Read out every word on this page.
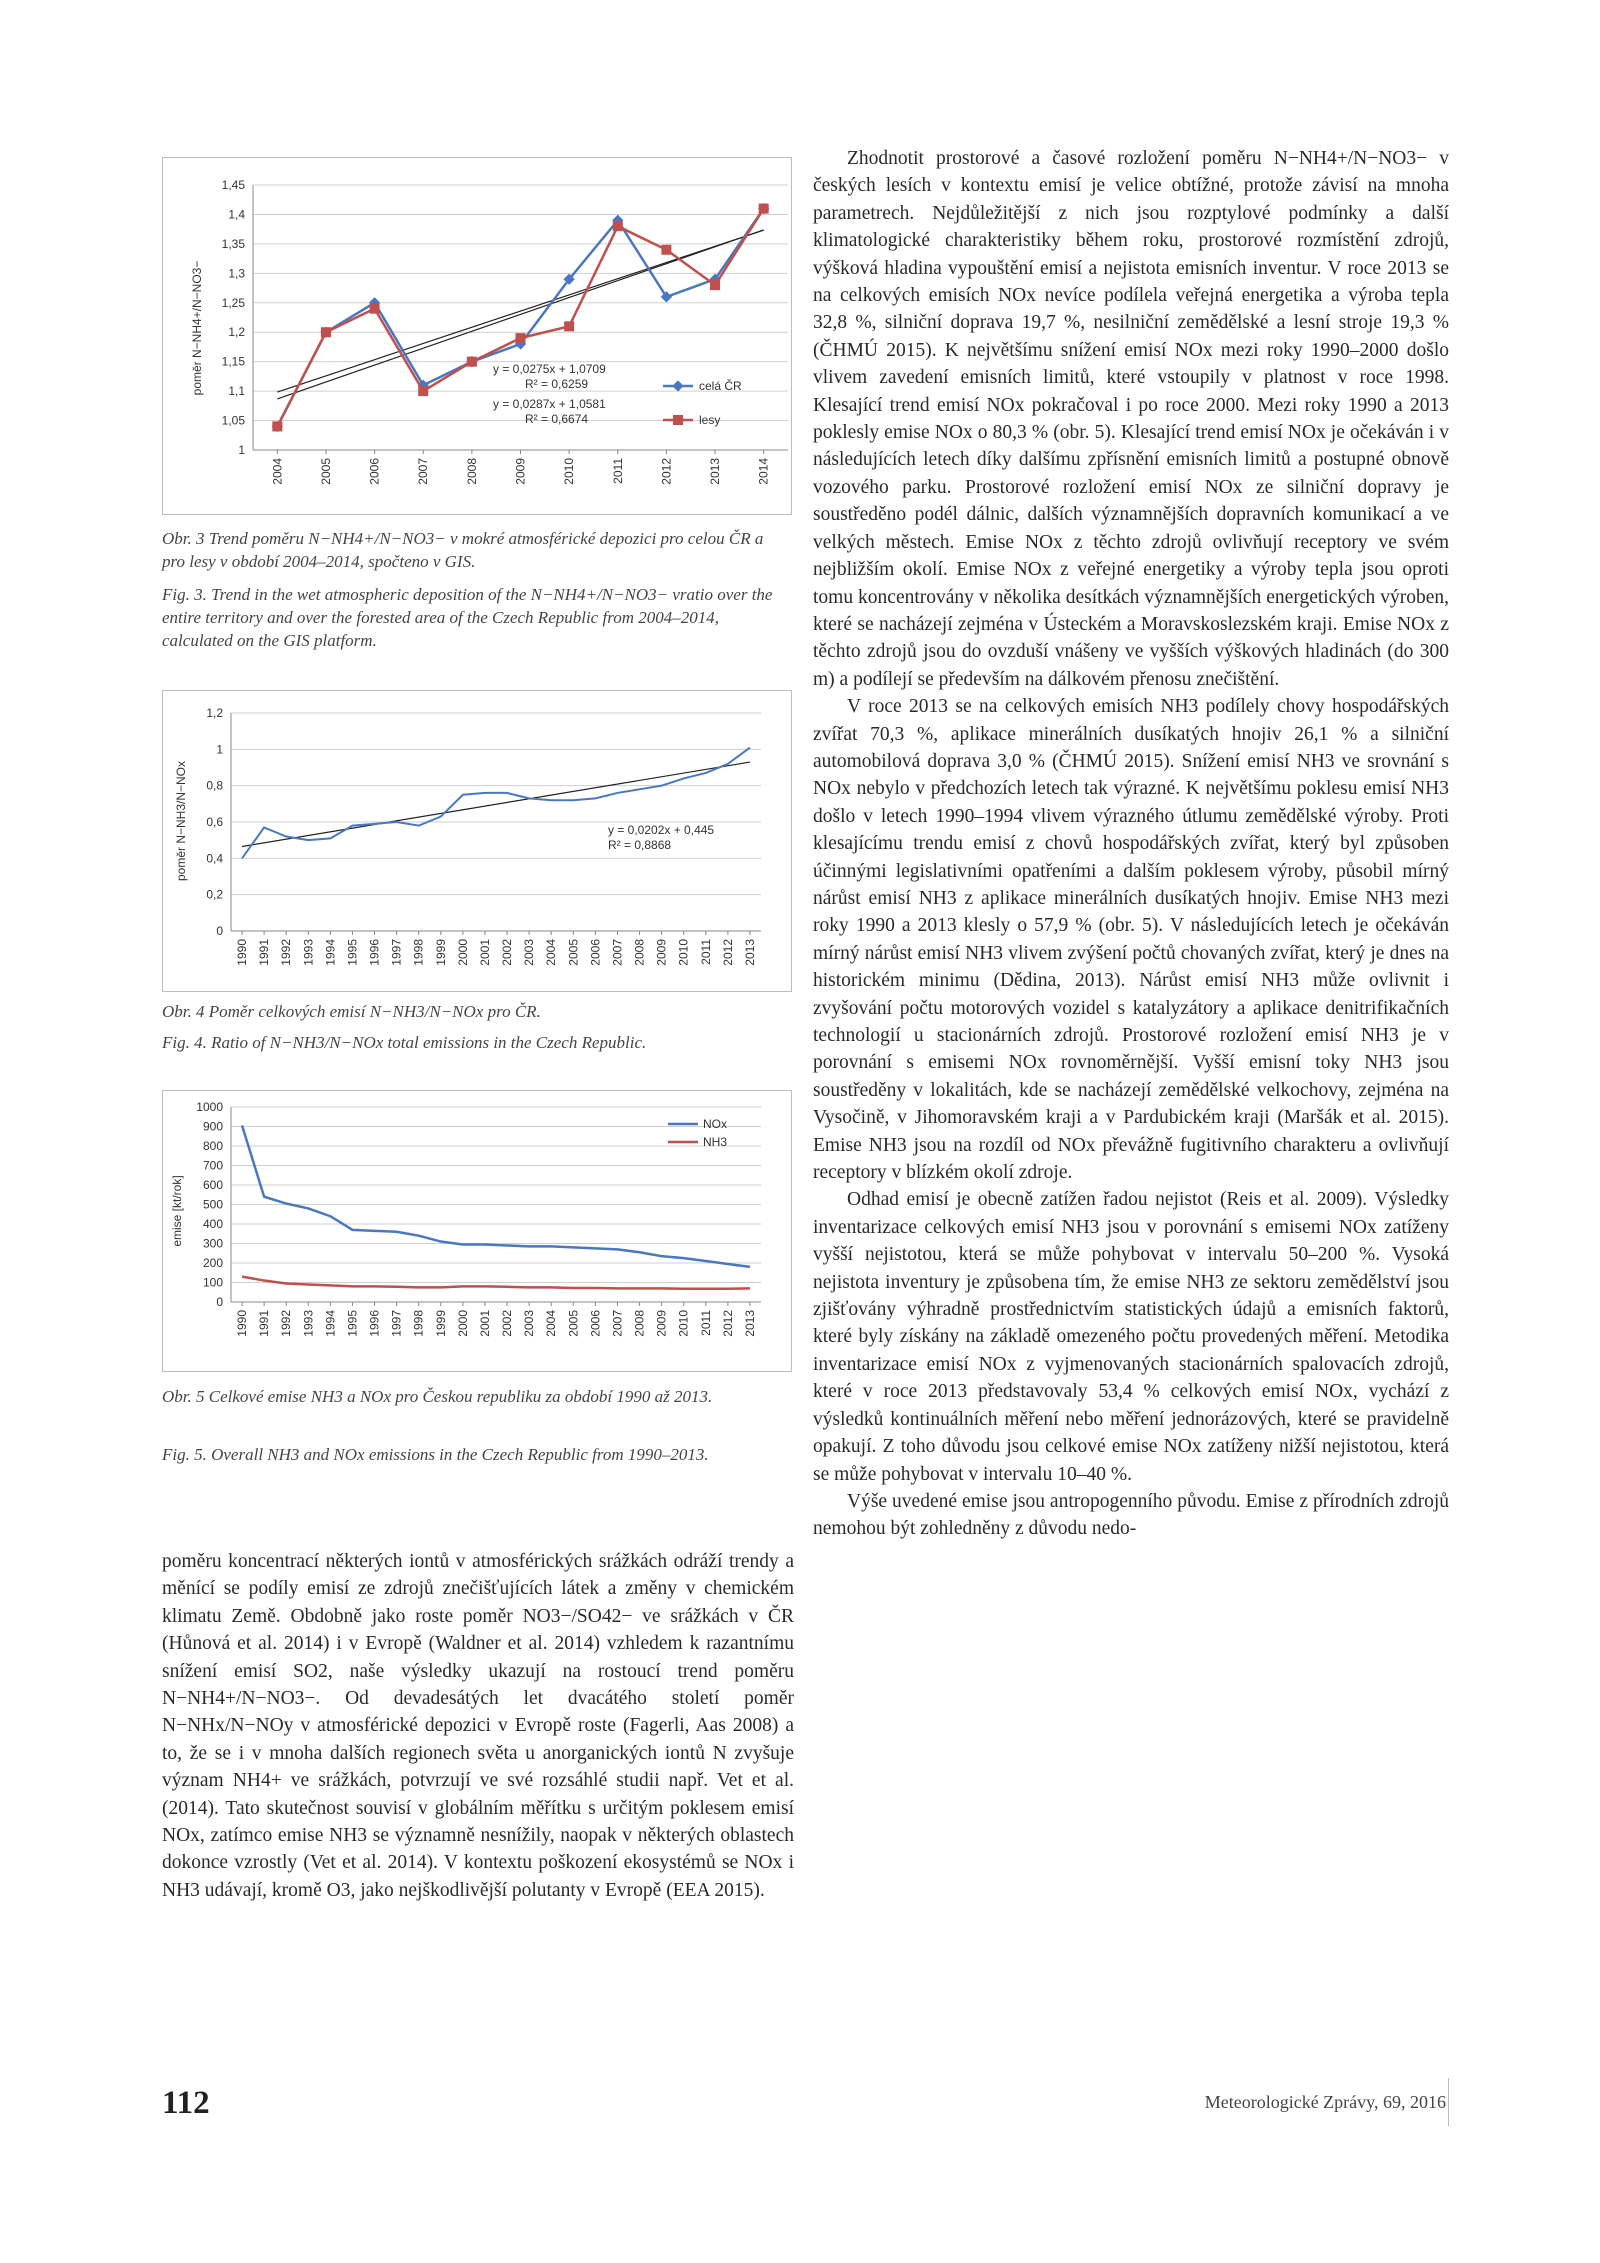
poměr N−NH4+/N−NO3−
1,45
1,4
1,35
1,3
1,25
1,2
1,15
1,1
1,05
1
2004	2005	2006	2007	2008	2009	2010	2011	2012	2013	2014
y = 0,0275x + 1,0709
R² = 0,6259
y = 0,0287x + 1,0581
R² = 0,6674
celá ČR
lesy

Obr. 3 Trend poměru N−NH4+/N−NO3− v mokré atmosférické depozici pro celou ČR a pro lesy v období 2004–2014, spočteno v GIS.

Fig. 3. Trend in the wet atmospheric deposition of the N−NH4+/N−NO3− vratio over the entire territory and over the forested area of the Czech Republic from 2004–2014, calculated on the GIS platform.

poměr N−NH3/N−NOx
1,2
1
0,8
0,6
0,4
0,2
0
1990 1991 1992 1993 1994 1995 1996 1997 1998 1999 2000 2001 2002 2003 2004 2005 2006 2007 2008 2009 2010 2011 2012 2013
y = 0,0202x + 0,445
R² = 0,8868

Obr. 4 Poměr celkových emisí N−NH3/N−NOx pro ČR.

Fig. 4. Ratio of N−NH3/N−NOx total emissions in the Czech Republic.

emise [kt/rok]
1000
900
800
700
600
500
400
300
200
100
0
1990 1991 1992 1993 1994 1995 1996 1997 1998 1999 2000 2001 2002 2003 2004 2005 2006 2007 2008 2009 2010 2011 2012 2013
NOx
NH3

Obr. 5 Celkové emise NH3 a NOx pro Českou republiku za období 1990 až 2013.

Fig. 5. Overall NH3 and NOx emissions in the Czech Republic from 1990–2013.

poměru koncentrací některých iontů v atmosférických srážkách odráží trendy a měnící se podíly emisí ze zdrojů znečišťujících látek a změny v chemickém klimatu Země. Obdobně jako roste poměr NO3−/SO42− ve srážkách v ČR (Hůnová et al. 2014) i v Evropě (Waldner et al. 2014) vzhledem k razantnímu snížení emisí SO2, naše výsledky ukazují na rostoucí trend poměru N−NH4+/N−NO3−. Od devadesátých let dvacátého století poměr N−NHx/N−NOy v atmosférické depozici v Evropě roste (Fagerli, Aas 2008) a to, že se i v mnoha dalších regionech světa u anorganických iontů N zvyšuje význam NH4+ ve srážkách, potvrzují ve své rozsáhlé studii např. Vet et al. (2014). Tato skutečnost souvisí v globálním měřítku s určitým poklesem emisí NOx, zatímco emise NH3 se významně nesnížily, naopak v některých oblastech dokonce vzrostly (Vet et al. 2014). V kontextu poškození ekosystémů se NOx i NH3 udávají, kromě O3, jako nejškodlivější polutanty v Evropě (EEA 2015).

Zhodnotit prostorové a časové rozložení poměru N−NH4+/N−NO3− v českých lesích v kontextu emisí je velice obtížné, protože závisí na mnoha parametrech. Nejdůležitější z nich jsou rozptylové podmínky a další klimatologické charakteristiky během roku, prostorové rozmístění zdrojů, výšková hladina vypouštění emisí a nejistota emisních inventur. V roce 2013 se na celkových emisích NOx nevíce podílela veřejná energetika a výroba tepla 32,8 %, silniční doprava 19,7 %, nesilniční zemědělské a lesní stroje 19,3 % (ČHMÚ 2015). K největšímu snížení emisí NOx mezi roky 1990–2000 došlo vlivem zavedení emisních limitů, které vstoupily v platnost v roce 1998. Klesající trend emisí NOx pokračoval i po roce 2000. Mezi roky 1990 a 2013 poklesly emise NOx o 80,3 % (obr. 5). Klesající trend emisí NOx je očekáván i v následujících letech díky dalšímu zpřísnění emisních limitů a postupné obnově vozového parku. Prostorové rozložení emisí NOx ze silniční dopravy je soustředěno podél dálnic, dalších významnějších dopravních komunikací a ve velkých městech. Emise NOx z těchto zdrojů ovlivňují receptory ve svém nejbližším okolí. Emise NOx z veřejné energetiky a výroby tepla jsou oproti tomu koncentrovány v několika desítkách významnějších energetických výroben, které se nacházejí zejména v Ústeckém a Moravskoslezském kraji. Emise NOx z těchto zdrojů jsou do ovzduší vnášeny ve vyšších výškových hladinách (do 300 m) a podílejí se především na dálkovém přenosu znečištění.

V roce 2013 se na celkových emisích NH3 podílely chovy hospodářských zvířat 70,3 %, aplikace minerálních dusíkatých hnojiv 26,1 % a silniční automobilová doprava 3,0 % (ČHMÚ 2015). Snížení emisí NH3 ve srovnání s NOx nebylo v předchozích letech tak výrazné. K největšímu poklesu emisí NH3 došlo v letech 1990–1994 vlivem výrazného útlumu zemědělské výroby. Proti klesajícímu trendu emisí z chovů hospodářských zvířat, který byl způsoben účinnými legislativními opatřeními a dalším poklesem výroby, působil mírný nárůst emisí NH3 z aplikace minerálních dusíkatých hnojiv. Emise NH3 mezi roky 1990 a 2013 klesly o 57,9 % (obr. 5). V následujících letech je očekáván mírný nárůst emisí NH3 vlivem zvýšení počtů chovaných zvířat, který je dnes na historickém minimu (Dědina, 2013). Nárůst emisí NH3 může ovlivnit i zvyšování počtu motorových vozidel s katalyzátory a aplikace denitrifikačních technologií u stacionárních zdrojů. Prostorové rozložení emisí NH3 je v porovnání s emisemi NOx rovnoměrnější. Vyšší emisní toky NH3 jsou soustředěny v lokalitách, kde se nacházejí zemědělské velkochovy, zejména na Vysočině, v Jihomoravském kraji a v Pardubickém kraji (Maršák et al. 2015). Emise NH3 jsou na rozdíl od NOx převážně fugitivního charakteru a ovlivňují receptory v blízkém okolí zdroje.

Odhad emisí je obecně zatížen řadou nejistot (Reis et al. 2009). Výsledky inventarizace celkových emisí NH3 jsou v porovnání s emisemi NOx zatíženy vyšší nejistotou, která se může pohybovat v intervalu 50–200 %. Vysoká nejistota inventury je způsobena tím, že emise NH3 ze sektoru zemědělství jsou zjišťovány výhradně prostřednictvím statistických údajů a emisních faktorů, které byly získány na základě omezeného počtu provedených měření. Metodika inventarizace emisí NOx z vyjmenovaných stacionárních spalovacích zdrojů, které v roce 2013 představovaly 53,4 % celkových emisí NOx, vychází z výsledků kontinuálních měření nebo měření jednorázových, které se pravidelně opakují. Z toho důvodu jsou celkové emise NOx zatíženy nižší nejistotou, která se může pohybovat v intervalu 10–40 %.

Výše uvedené emise jsou antropogenního původu. Emise z přírodních zdrojů nemohou být zohledněny z důvodu nedo-

112	Meteorologické Zprávy, 69, 2016
